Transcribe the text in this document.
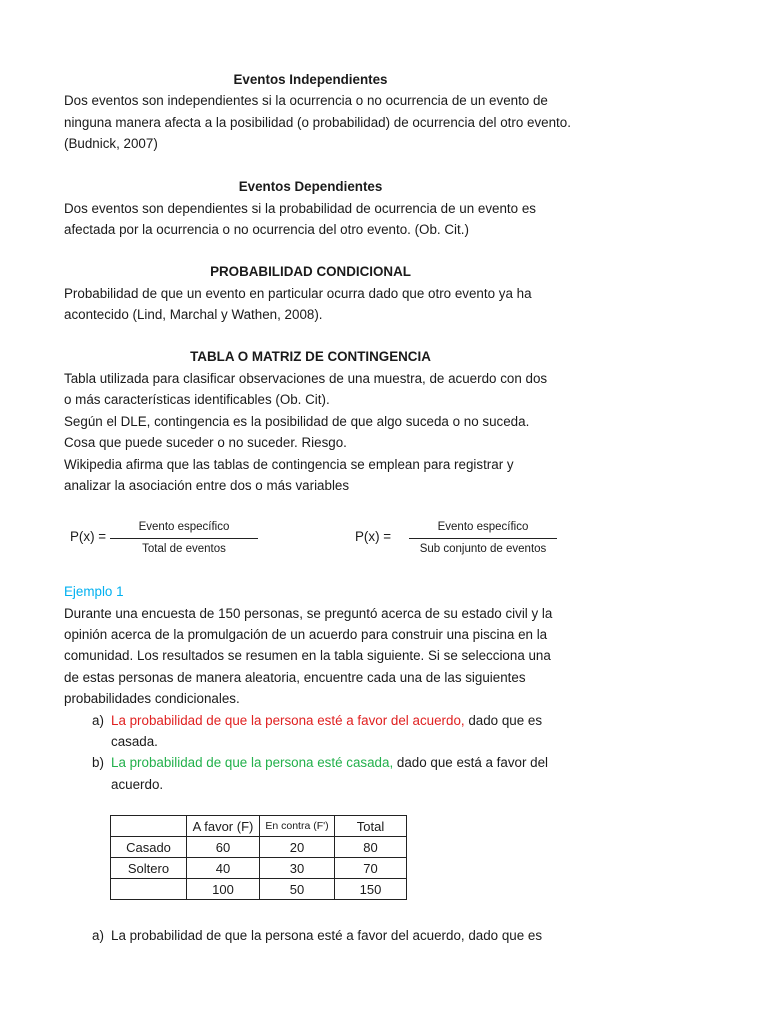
Eventos Independientes
Dos eventos son independientes si la ocurrencia o no ocurrencia de un evento de
ninguna manera afecta a la posibilidad (o probabilidad) de ocurrencia del otro evento.
(Budnick, 2007)
Eventos Dependientes
Dos eventos son dependientes si la probabilidad de ocurrencia de un evento es
afectada por la ocurrencia o no ocurrencia del otro evento. (Ob. Cit.)
PROBABILIDAD CONDICIONAL
Probabilidad de que un evento en particular ocurra dado que otro evento ya ha
acontecido (Lind, Marchal y Wathen, 2008).
TABLA O MATRIZ DE CONTINGENCIA
Tabla utilizada para clasificar observaciones de una muestra, de acuerdo con dos
o más características identificables (Ob. Cit).
Según el DLE, contingencia es la posibilidad de que algo suceda o no suceda.
Cosa que puede suceder o no suceder. Riesgo.
Wikipedia afirma que las tablas de contingencia se emplean para registrar y
analizar la asociación entre dos o más variables
P(x) =
Evento específico
Total de eventos
P(x) =
Evento específico
Sub conjunto de eventos
Ejemplo 1
Durante una encuesta de 150 personas, se preguntó acerca de su estado civil y la
opinión acerca de la promulgación de un acuerdo para construir una piscina en la
comunidad. Los resultados se resumen en la tabla siguiente. Si se selecciona una
de estas personas de manera aleatoria, encuentre cada una de las siguientes
probabilidades condicionales.
a) La probabilidad de que la persona esté a favor del acuerdo, dado que es
casada.
b) La probabilidad de que la persona esté casada, dado que está a favor del
acuerdo.
	A favor (F)	En contra (F')	Total
Casado	60	20	80
Soltero	40	30	70
	100	50	150
a) La probabilidad de que la persona esté a favor del acuerdo, dado que es
